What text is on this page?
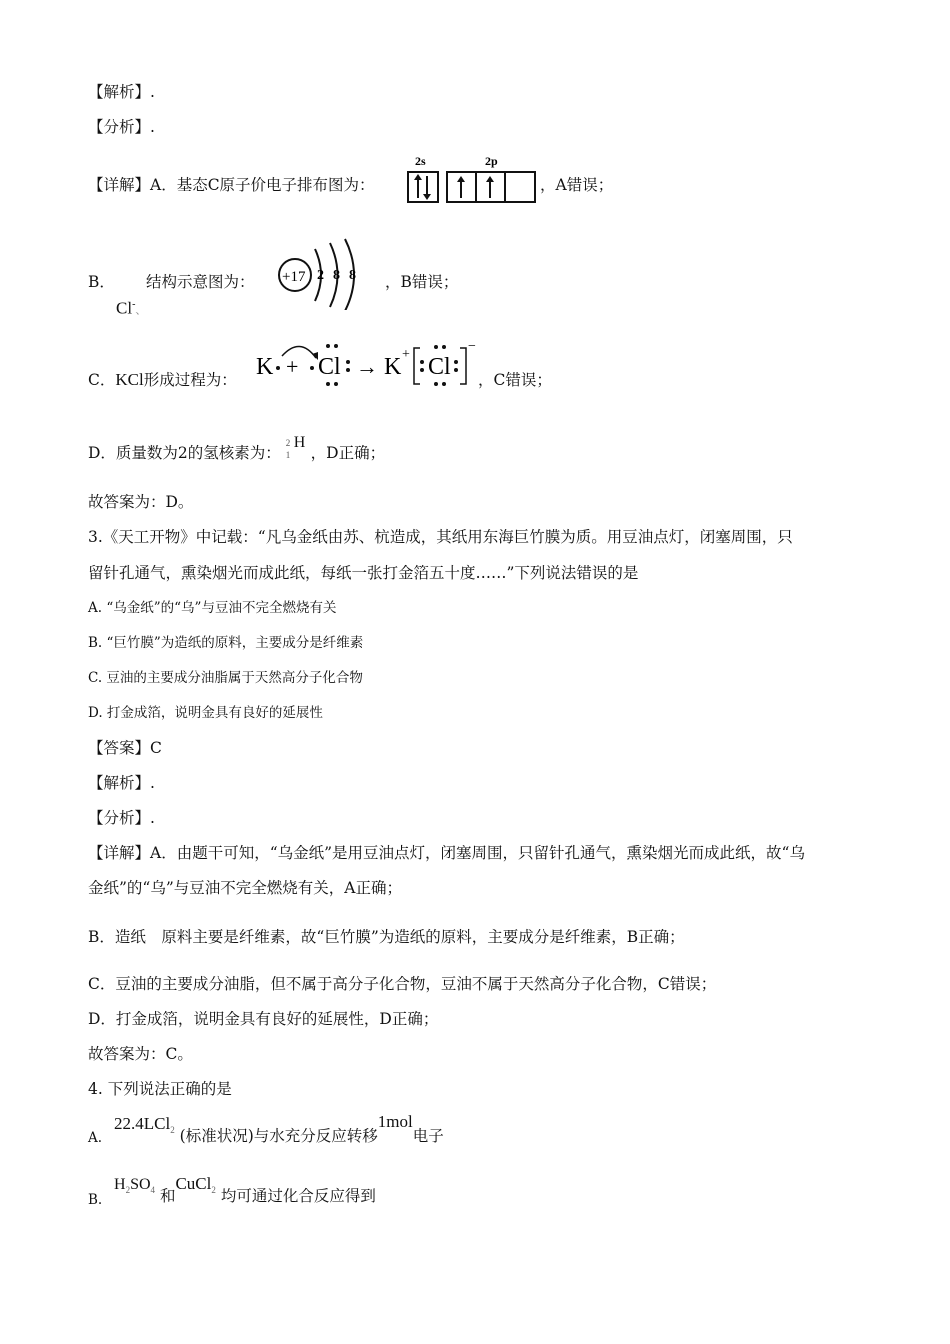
【解析】.
【分析】.
【详解】A．基态C原子价电子排布图为：
2s	2p
，A错误；
B． 结构示意图为：
Cl-、
+17 2 8 8 ，B错误；
C．KCl形成过程为： K + Cl → K + Cl
−
，C错误；
D．质量数为2的氢核素为：
2
1
H
，D正确；
故答案为：D。
3.《天工开物》中记载：“凡乌金纸由苏、杭造成，其纸用东海巨竹膜为质。用豆油点灯，闭塞周围，只
留针孔通气，熏染烟光而成此纸，每纸一张打金箔五十度……”下列说法错误的是
A. “乌金纸”的“乌”与豆油不完全燃烧有关
B. “巨竹膜”为造纸的原料，主要成分是纤维素
C. 豆油的主要成分油脂属于天然高分子化合物
D. 打金成箔，说明金具有良好的延展性
【答案】C
【解析】.
【分析】.
【详解】A．由题干可知，“乌金纸”是用豆油点灯，闭塞周围，只留针孔通气，熏染烟光而成此纸，故“乌
金纸”的“乌”与豆油不完全燃烧有关，A正确；
B．造纸　原料主要是纤维素，故“巨竹膜”为造纸的原料，主要成分是纤维素，B正确；
C．豆油的主要成分油脂，但不属于高分子化合物，豆油不属于天然高分子化合物，C错误；
D．打金成箔，说明金具有良好的延展性，D正确；
故答案为：C。
4. 下列说法正确的是
A.
22.4LCl$_2$ (标准状况)与水充分反应转移1mol电子
B.
$H_2SO_4$ 和CuCl$_2$ 均可通过化合反应得到
